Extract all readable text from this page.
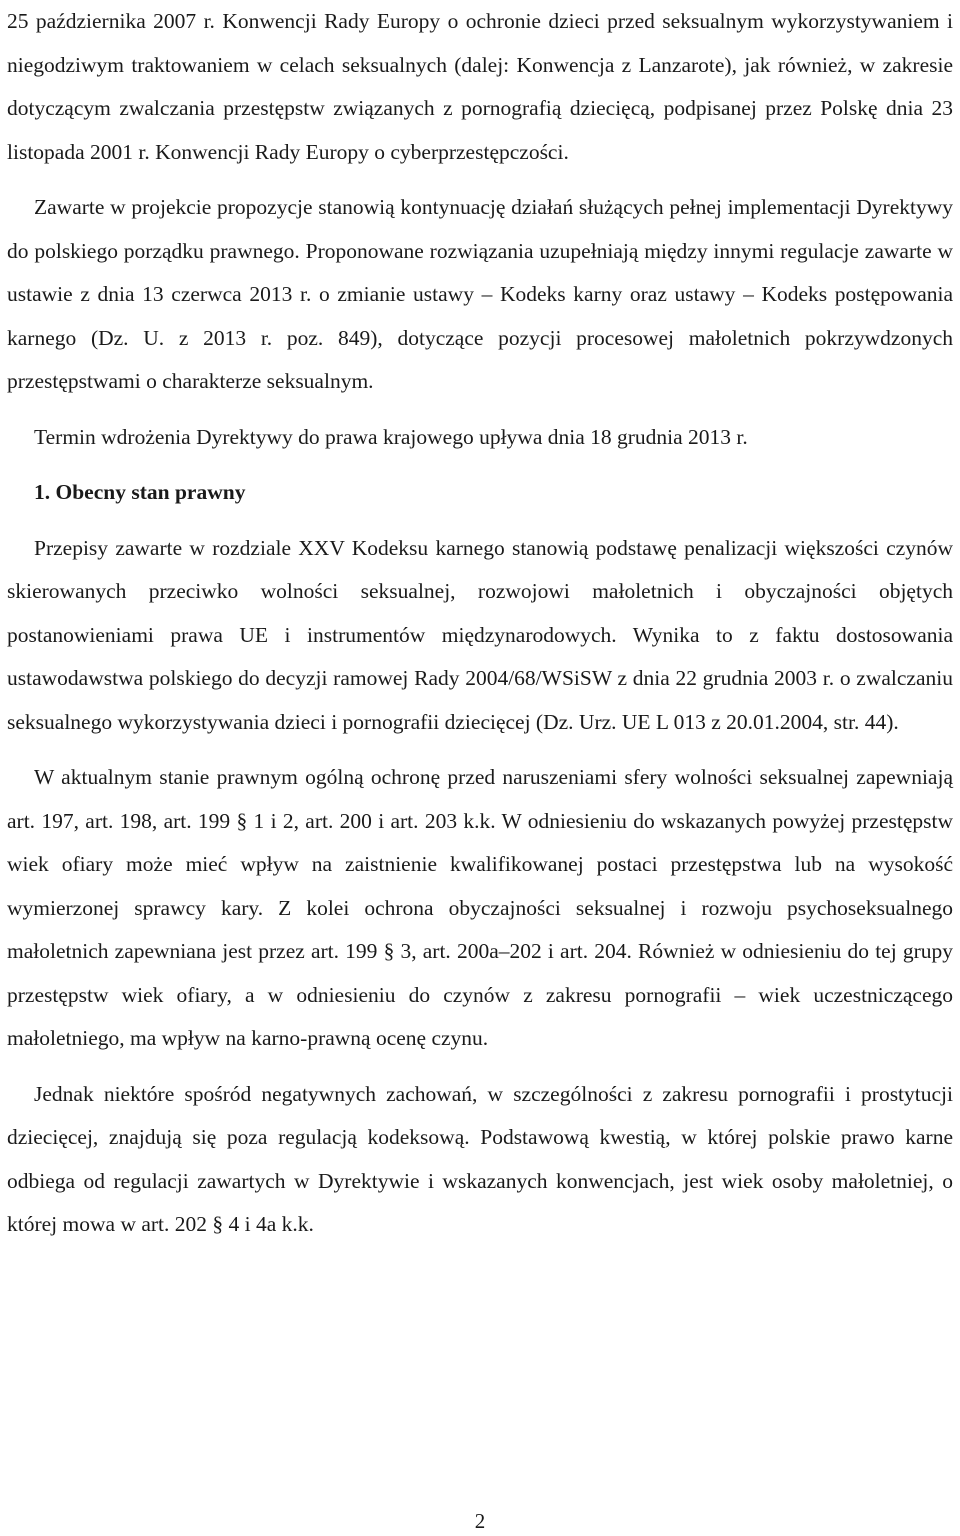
25 października 2007 r. Konwencji Rady Europy o ochronie dzieci przed seksualnym wykorzystywaniem i niegodziwym traktowaniem w celach seksualnych (dalej: Konwencja z Lanzarote), jak również, w zakresie dotyczącym zwalczania przestępstw związanych z pornografią dziecięcą, podpisanej przez Polskę dnia 23 listopada 2001 r. Konwencji Rady Europy o cyberprzestępczości.

Zawarte w projekcie propozycje stanowią kontynuację działań służących pełnej implementacji Dyrektywy do polskiego porządku prawnego. Proponowane rozwiązania uzupełniają między innymi regulacje zawarte w ustawie z dnia 13 czerwca 2013 r. o zmianie ustawy – Kodeks karny oraz ustawy – Kodeks postępowania karnego (Dz. U. z 2013 r. poz. 849), dotyczące pozycji procesowej małoletnich pokrzywdzonych przestępstwami o charakterze seksualnym.

Termin wdrożenia Dyrektywy do prawa krajowego upływa dnia 18 grudnia 2013 r.

1. Obecny stan prawny

Przepisy zawarte w rozdziale XXV Kodeksu karnego stanowią podstawę penalizacji większości czynów skierowanych przeciwko wolności seksualnej, rozwojowi małoletnich i obyczajności objętych postanowieniami prawa UE i instrumentów międzynarodowych. Wynika to z faktu dostosowania ustawodawstwa polskiego do decyzji ramowej Rady 2004/68/WSiSW z dnia 22 grudnia 2003 r. o zwalczaniu seksualnego wykorzystywania dzieci i pornografii dziecięcej (Dz. Urz. UE L 013 z 20.01.2004, str. 44).

W aktualnym stanie prawnym ogólną ochronę przed naruszeniami sfery wolności seksualnej zapewniają art. 197, art. 198, art. 199 § 1 i 2, art. 200 i art. 203 k.k. W odniesieniu do wskazanych powyżej przestępstw wiek ofiary może mieć wpływ na zaistnienie kwalifikowanej postaci przestępstwa lub na wysokość wymierzonej sprawcy kary. Z kolei ochrona obyczajności seksualnej i rozwoju psychoseksualnego małoletnich zapewniana jest przez art. 199 § 3, art. 200a–202 i art. 204. Również w odniesieniu do tej grupy przestępstw wiek ofiary, a w odniesieniu do czynów z zakresu pornografii – wiek uczestniczącego małoletniego, ma wpływ na karno-prawną ocenę czynu.

Jednak niektóre spośród negatywnych zachowań, w szczególności z zakresu pornografii i prostytucji dziecięcej, znajdują się poza regulacją kodeksową. Podstawową kwestią, w której polskie prawo karne odbiega od regulacji zawartych w Dyrektywie i wskazanych konwencjach, jest wiek osoby małoletniej, o której mowa w art. 202 § 4 i 4a k.k.

2
